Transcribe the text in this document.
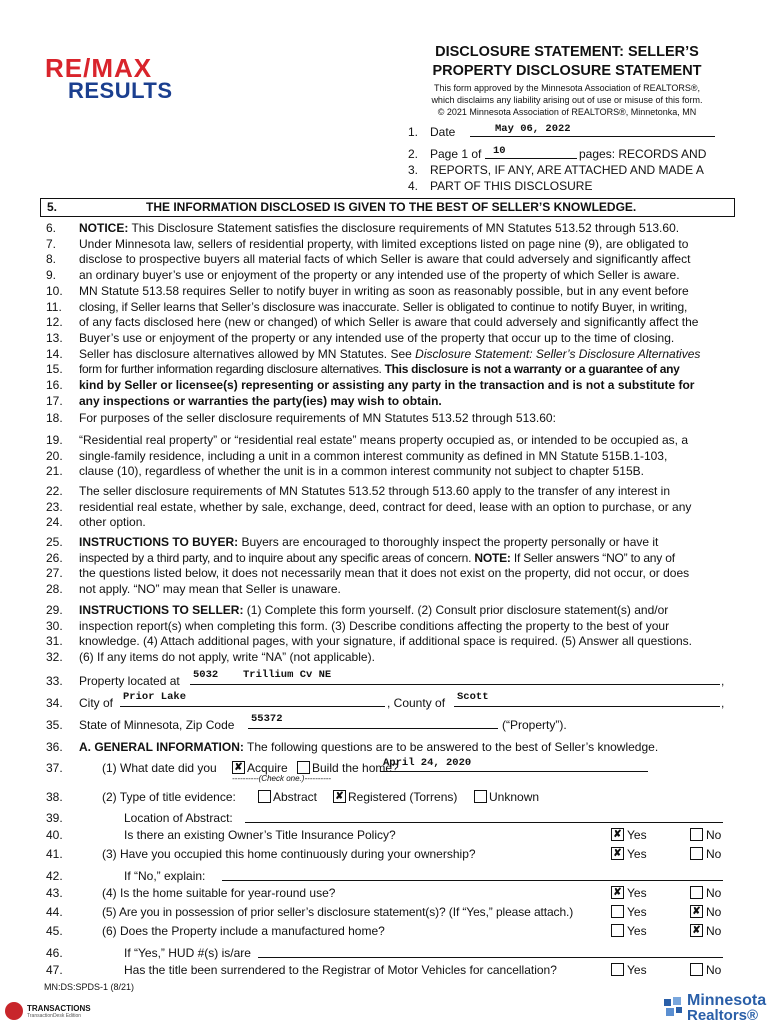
RE/MAX
RESULTS
DISCLOSURE STATEMENT: SELLER’S
PROPERTY DISCLOSURE STATEMENT
This form approved by the Minnesota Association of REALTORS®,
which disclaims any liability arising out of use or misuse of this form.
© 2021 Minnesota Association of REALTORS®, Minnetonka, MN
1. Date	May 06, 2022
2. Page 1 of 10	pages: RECORDS AND
3. REPORTS, IF ANY, ARE ATTACHED AND MADE A
4. PART OF THIS DISCLOSURE
5.	THE INFORMATION DISCLOSED IS GIVEN TO THE BEST OF SELLER’S KNOWLEDGE.
6.
7.
8.
9.
10.
11.
12.
13.
14.
15.
16.
17.
NOTICE: This Disclosure Statement satisfies the disclosure requirements of MN Statutes 513.52 through 513.60.
Under Minnesota law, sellers of residential property, with limited exceptions listed on page nine (9), are obligated to
disclose to prospective buyers all material facts of which Seller is aware that could adversely and significantly affect
an ordinary buyer’s use or enjoyment of the property or any intended use of the property of which Seller is aware.
MN Statute 513.58 requires Seller to notify buyer in writing as soon as reasonably possible, but in any event before
closing, if Seller learns that Seller’s disclosure was inaccurate. Seller is obligated to continue to notify Buyer, in writing,
of any facts disclosed here (new or changed) of which Seller is aware that could adversely and significantly affect the
Buyer’s use or enjoyment of the property or any intended use of the property that occur up to the time of closing.
Seller has disclosure alternatives allowed by MN Statutes. See Disclosure Statement: Seller’s Disclosure Alternatives
form for further information regarding disclosure alternatives. This disclosure is not a warranty or a guarantee of any
kind by Seller or licensee(s) representing or assisting any party in the transaction and is not a substitute for
any inspections or warranties the party(ies) may wish to obtain.
18.	For purposes of the seller disclosure requirements of MN Statutes 513.52 through 513.60:
19.
20.
21.
“Residential real property” or “residential real estate” means property occupied as, or intended to be occupied as, a
single-family residence, including a unit in a common interest community as defined in MN Statute 515B.1-103,
clause (10), regardless of whether the unit is in a common interest community not subject to chapter 515B.
22.
23.
24.
The seller disclosure requirements of MN Statutes 513.52 through 513.60 apply to the transfer of any interest in
residential real estate, whether by sale, exchange, deed, contract for deed, lease with an option to purchase, or any
other option.
25.
26.
27.
28.
INSTRUCTIONS TO BUYER: Buyers are encouraged to thoroughly inspect the property personally or have it
inspected by a third party, and to inquire about any specific areas of concern. NOTE: If Seller answers “NO” to any of
the questions listed below, it does not necessarily mean that it does not exist on the property, did not occur, or does
not apply. “NO” may mean that Seller is unaware.
29.
30.
31.
32.
INSTRUCTIONS TO SELLER: (1) Complete this form yourself. (2) Consult prior disclosure statement(s) and/or
inspection report(s) when completing this form. (3) Describe conditions affecting the property to the best of your
knowledge. (4) Attach additional pages, with your signature, if additional space is required. (5) Answer all questions.
(6) If any items do not apply, write “NA” (not applicable).
33.	Property located at 5032 Trillium Cv NE	,
34.	City of Prior Lake	, County of Scott	,
35.	State of Minnesota, Zip Code 55372	(“Property”).
36.	A. GENERAL INFORMATION: The following questions are to be answered to the best of Seller’s knowledge.
37.	(1) What date did you ✘ Acquire Build the home?
April 24, 2020
----------(Check one.)----------
38.	(2) Type of title evidence:	Abstract ✘ Registered (Torrens)	Unknown
39.	Location of Abstract:
40.	Is there an existing Owner’s Title Insurance Policy?	✘ Yes	No
41.	(3) Have you occupied this home continuously during your ownership?	✘ Yes	No
42.	If “No,” explain:
43.	(4) Is the home suitable for year-round use?	✘ Yes	No
44.	(5) Are you in possession of prior seller’s disclosure statement(s)? (If “Yes,” please attach.)	Yes	✘ No
45.	(6) Does the Property include a manufactured home?	Yes	✘ No
46.	If “Yes,” HUD #(s) is/are
47.	Has the title been surrendered to the Registrar of Motor Vehicles for cancellation?	Yes	No
MN:DS:SPDS-1 (8/21)
TRANSACTIONS
TransactionDesk Edition
Minnesota
Realtors®
